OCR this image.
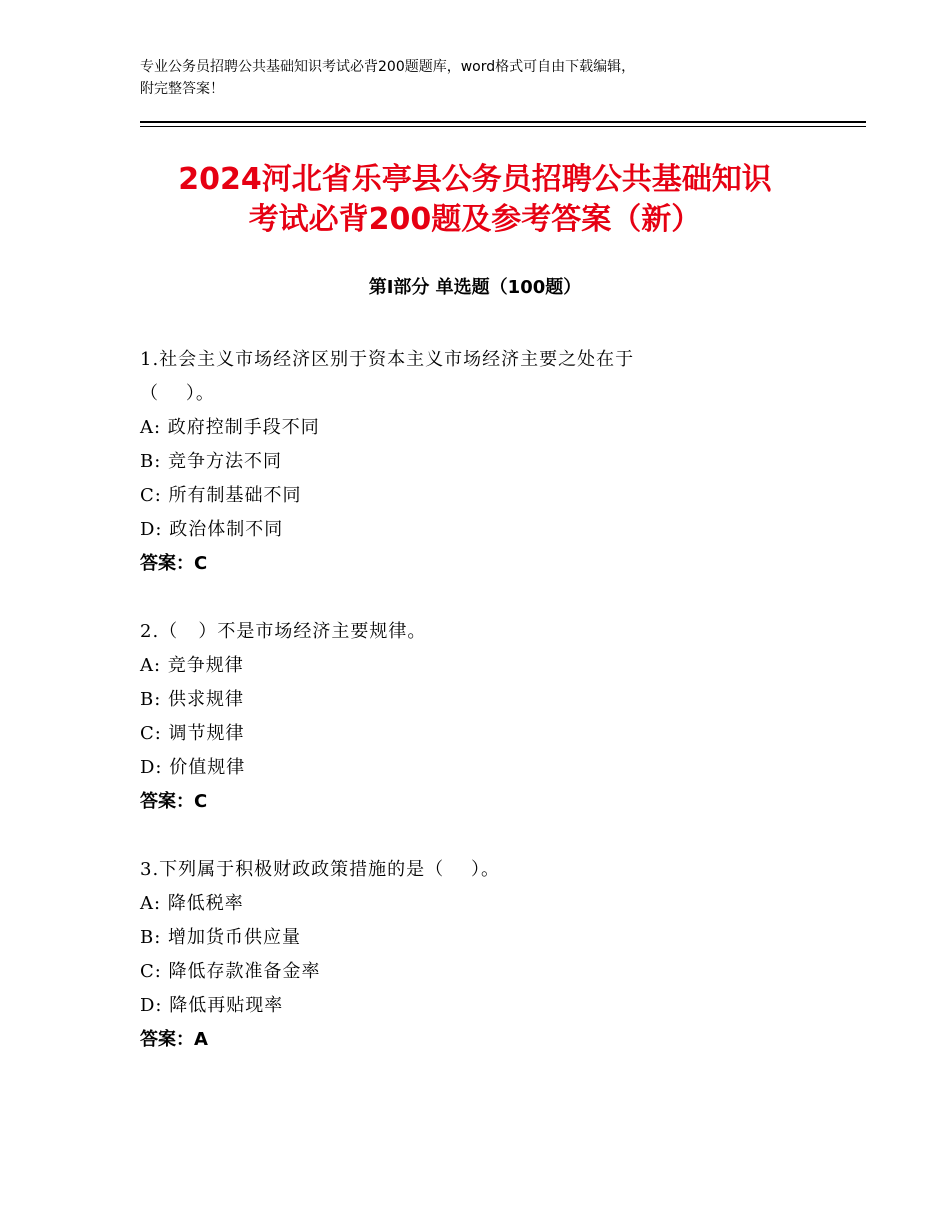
专业公务员招聘公共基础知识考试必背200题题库，word格式可自由下载编辑，
附完整答案！
2024河北省乐亭县公务员招聘公共基础知识
考试必背200题及参考答案（新）
第Ⅰ部分 单选题（100题）
1.社会主义市场经济区别于资本主义市场经济主要之处在于
（    ）。
A: 政府控制手段不同
B: 竞争方法不同
C: 所有制基础不同
D: 政治体制不同
答案：C
2.（   ）不是市场经济主要规律。
A: 竞争规律
B: 供求规律
C: 调节规律
D: 价值规律
答案：C
3.下列属于积极财政政策措施的是（    ）。
A: 降低税率
B: 增加货币供应量
C: 降低存款准备金率
D: 降低再贴现率
答案：A
